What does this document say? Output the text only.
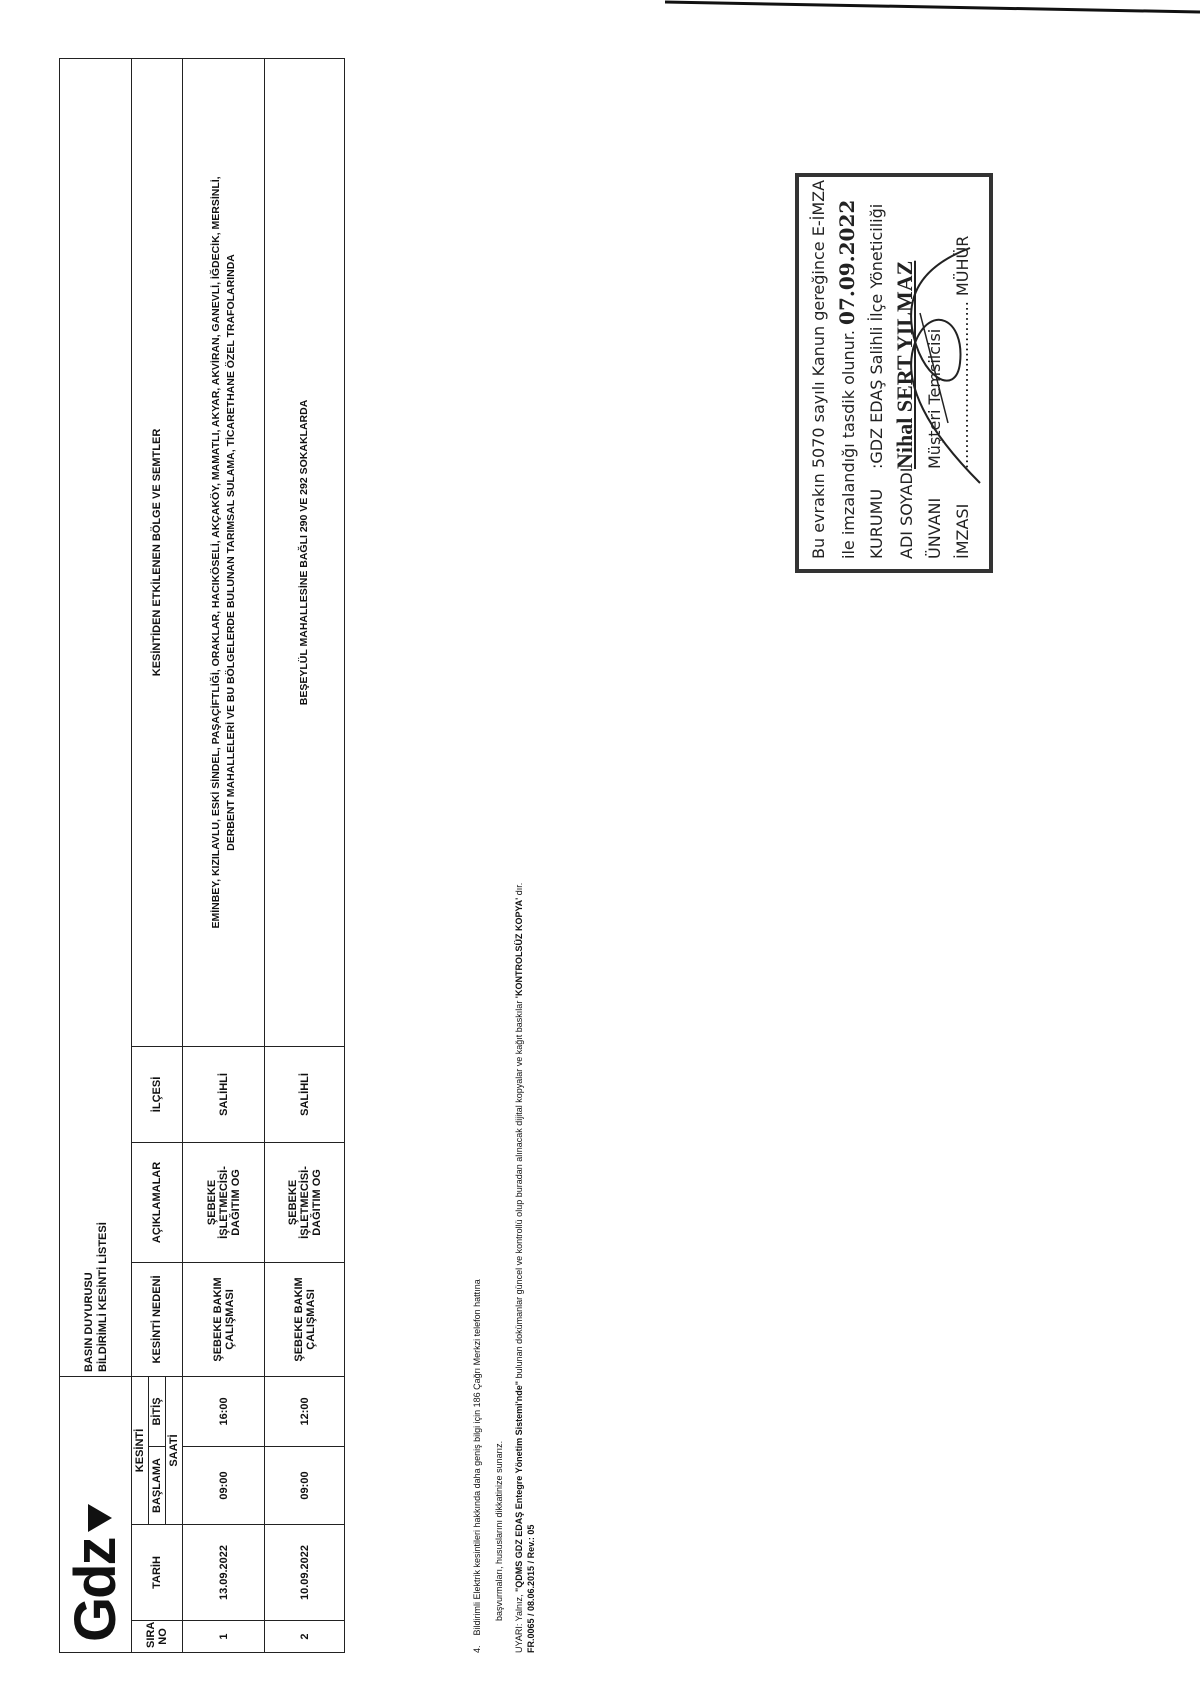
Gdz				BASIN DUYURUSU BİLDİRİMLİ KESİNTİ LİSTESİ			

SIRA NO	TARİH	KESİNTİ		KESİNTİ NEDENİ	AÇIKLAMALAR	İLÇESİ	KESİNTİDEN ETKİLENEN BÖLGE VE SEMTLER
		BAŞLAMA	BİTİŞ				
		SAATİ					
1	13.09.2022	09:00	16:00	ŞEBEKE BAKIM ÇALIŞMASI	ŞEBEKE İŞLETMECİSİ-DAĞITIM OG	SALİHLİ	EMİNBEY, KIZILAVLU, ESKİ SİNDEL, PAŞAÇİFTLİĞİ, ORAKLAR, HACIKÖSELİ, AKÇAKÖY, MAMATLI, AKYAR, AKVİRAN, GANEVLİ, İĞDECİK, MERSİNLİ, DERBENT MAHALLELERİ VE BU BÖLGELERDE BULUNAN TARIMSAL SULAMA, TİCARETHANE ÖZEL TRAFOLARINDA

2	10.09.2022	09:00	12:00	ŞEBEKE BAKIM ÇALIŞMASI	ŞEBEKE İŞLETMECİSİ-DAĞITIM OG	SALİHLİ	BEŞEYLÜL MAHALLESİNE BAĞLI 290 VE 292 SOKAKLARDA
4.    Bildirimli Elektrik kesintileri hakkında daha geniş bilgi için 186 Çağrı Merkzi telefon hattına başvurmaları, hususlarını dikkatinize sunarız.
UYARI: Yalnız, "QDMS GDZ EDAŞ Entegre Yönetim Sistemi'nde" bulunan dokümanlar güncel ve kontrollü olup buradan alınacak dijital kopyalar ve kağıt baskılar 'KONTROLSÜZ KOPYA' dır.
FR.0065 / 08.06.2015 / Rev.: 05
Bu evrakın 5070 sayılı Kanun gereğince E-İMZA ile imzalandığı tasdik olunur. 07.09.2022
KURUMU:GDZ EDAŞ Salihli İlçe Yöneticiliği
ADI SOYADINihal SERT YILMAZ
ÜNVANIMüşteri Temsilcisi
İMZASI................................. MÜHÜR
